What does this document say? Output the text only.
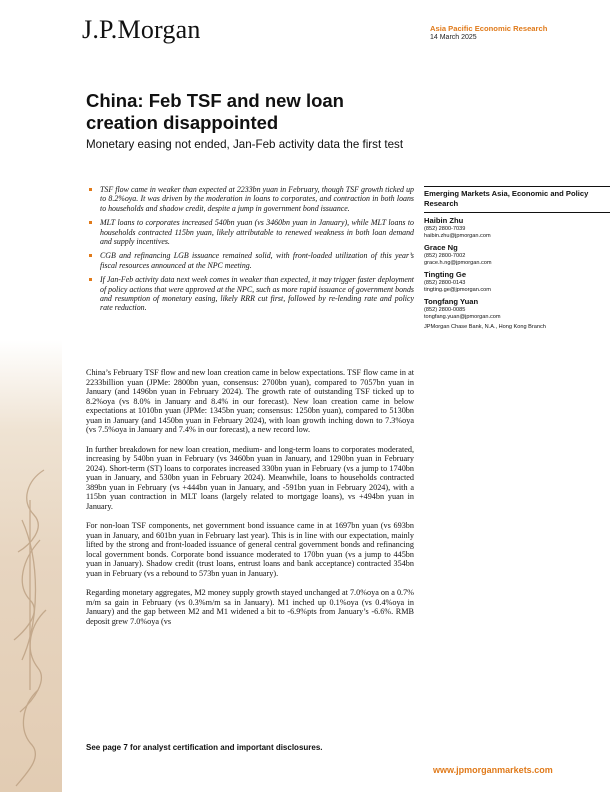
J.P.Morgan	Asia Pacific Economic Research
14 March 2025
China: Feb TSF and new loan creation disappointed
Monetary easing not ended, Jan-Feb activity data the first test
TSF flow came in weaker than expected at 2233bn yuan in February, though TSF growth ticked up to 8.2%oya. It was driven by the moderation in loans to corporates, and contraction in both loans to households and shadow credit, despite a jump in government bond issuance.
MLT loans to corporates increased 540bn yuan (vs 3460bn yuan in January), while MLT loans to households contracted 115bn yuan, likely attributable to renewed weakness in both loan demand and supply incentives.
CGB and refinancing LGB issuance remained solid, with front-loaded utilization of this year’s fiscal resources announced at the NPC meeting.
If Jan-Feb activity data next week comes in weaker than expected, it may trigger faster deployment of policy actions that were approved at the NPC, such as more rapid issuance of government bonds and resumption of monetary easing, likely RRR cut first, followed by re-lending rate and policy rate reduction.

China’s February TSF flow and new loan creation came in below expectations. TSF flow came in at 2233billion yuan (JPMe: 2800bn yuan, consensus: 2700bn yuan), compared to 7057bn yuan in January (and 1496bn yuan in February 2024). The growth rate of outstanding TSF ticked up to 8.2%oya (vs 8.0% in January and 8.4% in our forecast). New loan creation came in below expectations at 1010bn yuan (JPMe: 1345bn yuan; consensus: 1250bn yuan), compared to 5130bn yuan in January (and 1450bn yuan in February 2024), with loan growth inching down to 7.3%oya (vs 7.5%oya in January and 7.4% in our forecast), a new record low.

In further breakdown for new loan creation, medium- and long-term loans to corporates moderated, increasing by 540bn yuan in February (vs 3460bn yuan in January, and 1290bn yuan in February 2024). Short-term (ST) loans to corporates increased 330bn yuan in February (vs a jump to 1740bn yuan in January, and 530bn yuan in February 2024). Meanwhile, loans to households contracted 389bn yuan in February (vs +444bn yuan in January, and -591bn yuan in February 2024), with a 115bn yuan contraction in MLT loans (largely related to mortgage loans), vs +494bn yuan in January.

For non-loan TSF components, net government bond issuance came in at 1697bn yuan (vs 693bn yuan in January, and 601bn yuan in February last year). This is in line with our expectation, mainly lifted by the strong and front-loaded issuance of general central government bonds and refinancing local government bonds. Corporate bond issuance moderated to 170bn yuan (vs a jump to 445bn yuan in January). Shadow credit (trust loans, entrust loans and bank acceptance) contracted 354bn yuan in February (vs a rebound to 573bn yuan in January).

Regarding monetary aggregates, M2 money supply growth stayed unchanged at 7.0%oya on a 0.7% m/m sa gain in February (vs 0.3%m/m sa in January). M1 inched up 0.1%oya (vs 0.4%oya in January) and the gap between M2 and M1 widened a bit to -6.9%pts from January’s -6.6%. RMB deposit grew 7.0%oya (vs

Emerging Markets Asia, Economic and Policy Research
Haibin Zhu
(852) 2800-7039
haibin.zhu@jpmorgan.com
Grace Ng
(852) 2800-7002
grace.h.ng@jpmorgan.com
Tingting Ge
(852) 2800-0143
tingting.ge@jpmorgan.com
Tongfang Yuan
(852) 2800-0085
tongfang.yuan@jpmorgan.com
JPMorgan Chase Bank, N.A., Hong Kong Branch
See page 7 for analyst certification and important disclosures.
www.jpmorganmarkets.com
